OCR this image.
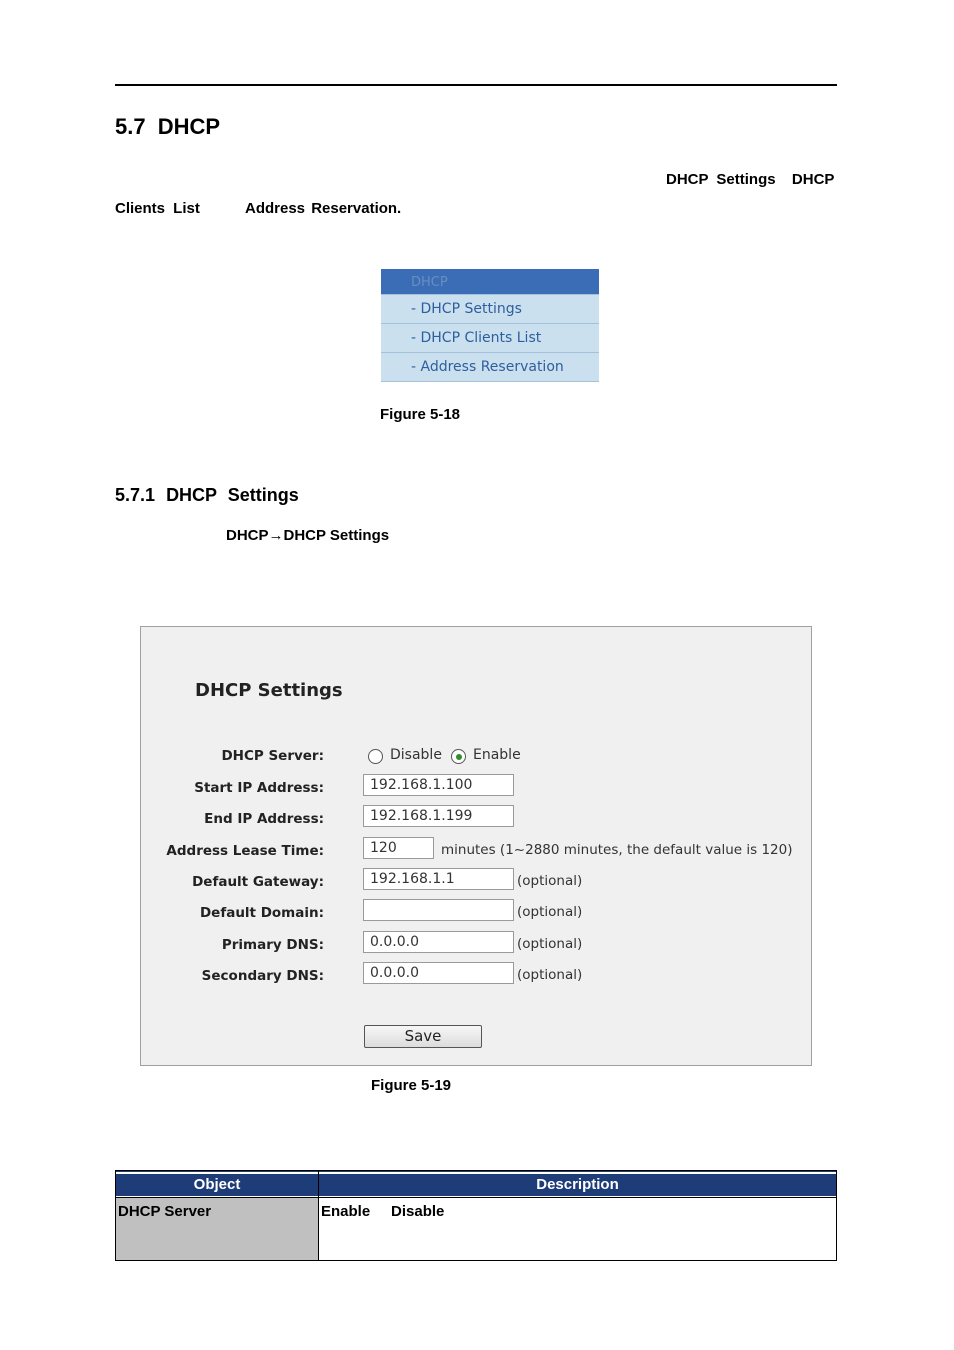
5.7 DHCP
DHCP Settings  DHCP
Clients List	Address Reservation.
DHCP
- DHCP Settings
- DHCP Clients List
- Address Reservation
Figure 5-18
5.7.1 DHCP Settings
DHCP→DHCP Settings
DHCP Settings
DHCP Server:	Disable Enable
Start IP Address:
192.168.1.100
End IP Address:
192.168.1.199
Address Lease Time:
120	minutes (1~2880 minutes, the default value is 120)
Default Gateway:
192.168.1.1	(optional)
Default Domain:	(optional)
Primary DNS:
0.0.0.0	(optional)
Secondary DNS:
0.0.0.0	(optional)
Save
Figure 5-19
Object	Description

DHCP Server	Enable Disable
